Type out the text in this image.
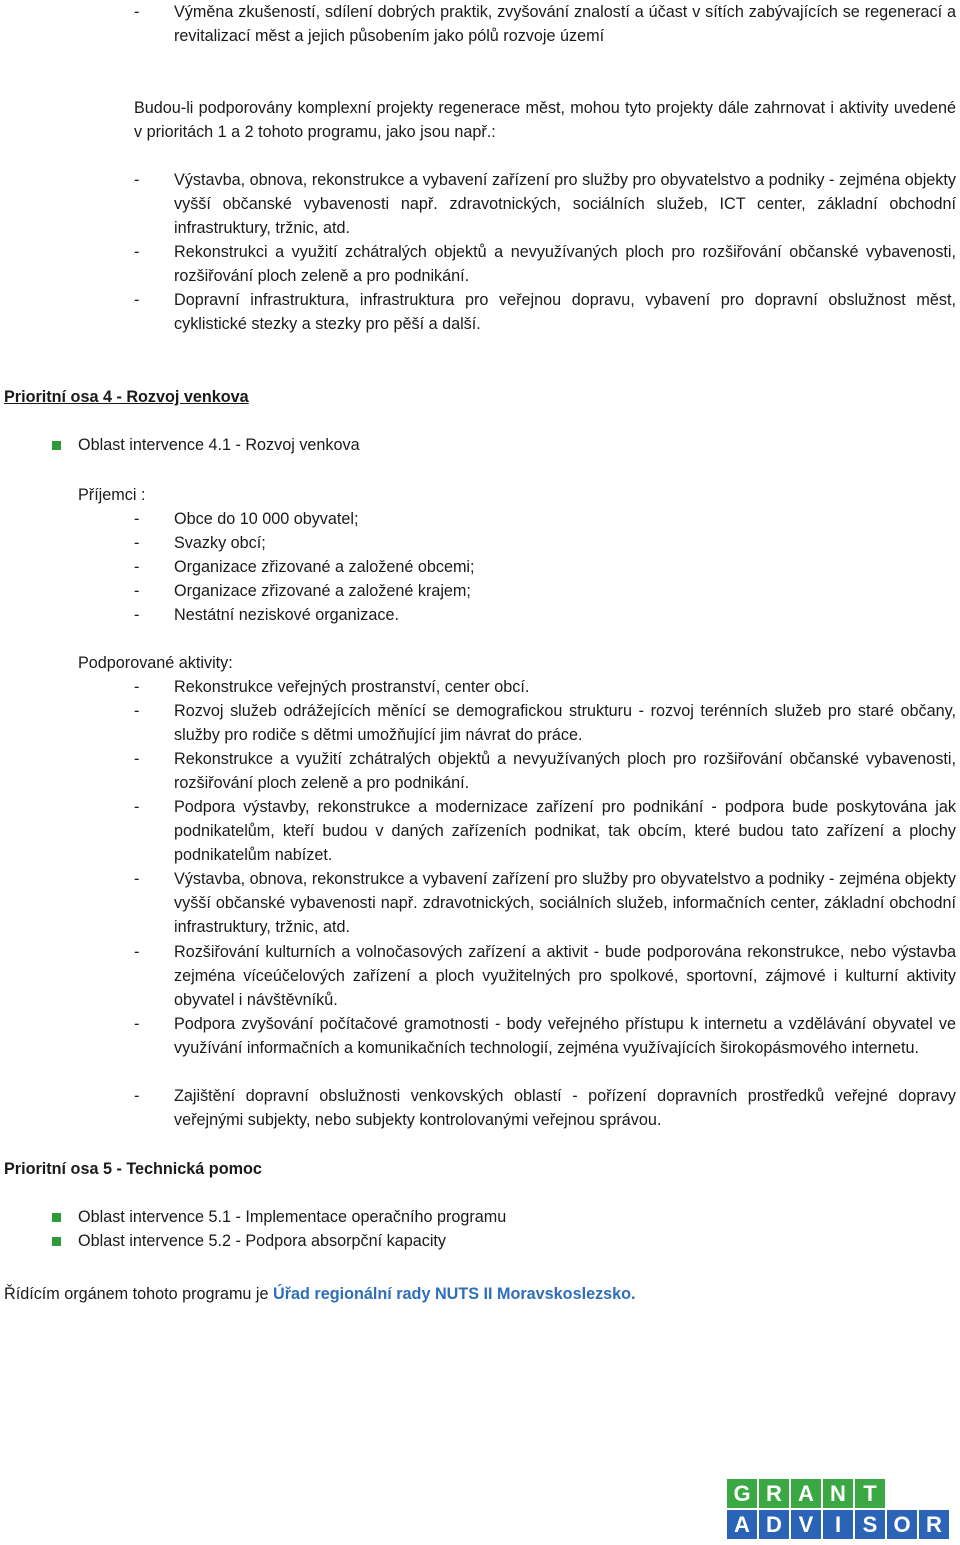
-	Výměna zkušeností, sdílení dobrých praktik, zvyšování znalostí a účast v sítích zabývajících se regenerací a revitalizací měst a jejich působením jako pólů rozvoje území
Budou-li podporovány komplexní projekty regenerace měst, mohou tyto projekty dále zahrnovat i aktivity uvedené v prioritách 1 a 2 tohoto programu, jako jsou např.:
-	Výstavba, obnova, rekonstrukce a vybavení zařízení pro služby pro obyvatelstvo a podniky - zejména objekty vyšší občanské vybavenosti např. zdravotnických, sociálních služeb, ICT center, základní obchodní infrastruktury, tržnic, atd.
-	Rekonstrukci a využití zchátralých objektů a nevyužívaných ploch pro rozšiřování občanské vybavenosti, rozšiřování ploch zeleně a pro podnikání.
-	Dopravní infrastruktura, infrastruktura pro veřejnou dopravu, vybavení pro dopravní obslužnost měst, cyklistické stezky a stezky pro pěší a další.
Prioritní osa 4 - Rozvoj venkova
Oblast intervence 4.1 - Rozvoj venkova
Příjemci :
-	Obce do 10 000 obyvatel;
-	Svazky obcí;
-	Organizace zřizované a založené obcemi;
-	Organizace zřizované a založené krajem;
-	Nestátní neziskové organizace.
Podporované aktivity:
-	Rekonstrukce veřejných prostranství, center obcí.
-	Rozvoj služeb odrážejících měnící se demografickou strukturu - rozvoj terénních služeb pro staré občany, služby pro rodiče s dětmi umožňující jim návrat do práce.
-	Rekonstrukce a využití zchátralých objektů a nevyužívaných ploch pro rozšiřování občanské vybavenosti, rozšiřování ploch zeleně a pro podnikání.
-	Podpora výstavby, rekonstrukce a modernizace zařízení pro podnikání - podpora bude poskytována jak podnikatelům, kteří budou v daných zařízeních podnikat, tak obcím, které budou tato zařízení a plochy podnikatelům nabízet.
-	Výstavba, obnova, rekonstrukce a vybavení zařízení pro služby pro obyvatelstvo a podniky - zejména objekty vyšší občanské vybavenosti např. zdravotnických, sociálních služeb, informačních center, základní obchodní infrastruktury, tržnic, atd.
-	Rozšiřování kulturních a volnočasových zařízení a aktivit - bude podporována rekonstrukce, nebo výstavba zejména víceúčelových zařízení a ploch využitelných pro spolkové, sportovní, zájmové i kulturní aktivity obyvatel i návštěvníků.
-	Podpora zvyšování počítačové gramotnosti - body veřejného přístupu k internetu a vzdělávání obyvatel ve využívání informačních a komunikačních technologií, zejména využívajících širokopásmového internetu.
-	Zajištění dopravní obslužnosti venkovských oblastí - pořízení dopravních prostředků veřejné dopravy veřejnými subjekty, nebo subjekty kontrolovanými veřejnou správou.
Prioritní osa 5 - Technická pomoc
Oblast intervence 5.1 - Implementace operačního programu
Oblast intervence 5.2 - Podpora absorpční kapacity
Řídícím orgánem tohoto programu je Úřad regionální rady NUTS II Moravskoslezsko.
G R A N T
A D V I S O R
